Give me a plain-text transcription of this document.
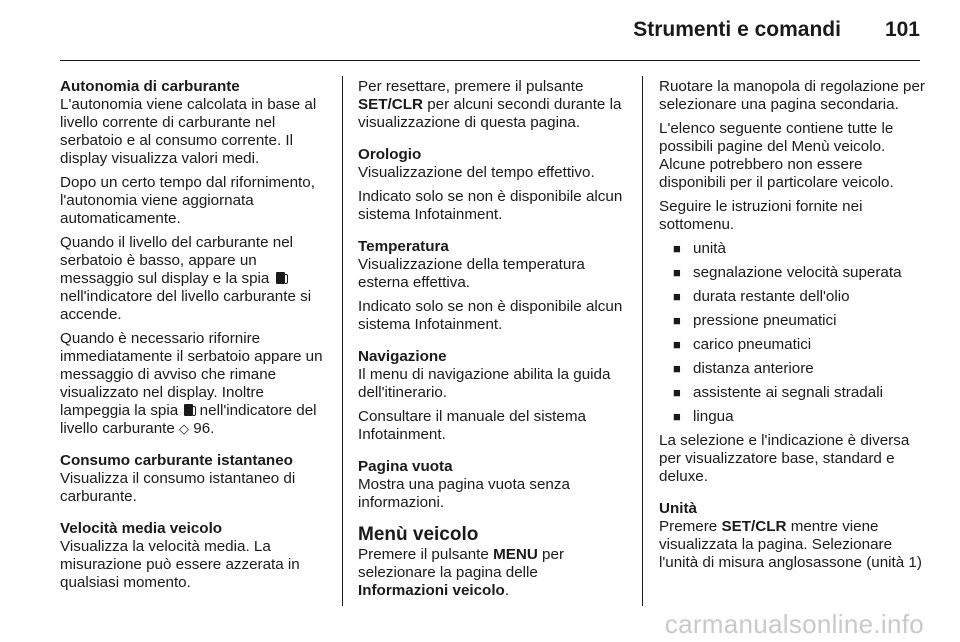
Strumenti e comandi 101
Autonomia di carburante

L'autonomia viene calcolata in base al livello corrente di carburante nel serbatoio e al consumo corrente. Il display visualizza valori medi.

Dopo un certo tempo dal rifornimento, l'autonomia viene aggiornata automaticamente.

Quando il livello del carburante nel serbatoio è basso, appare un messaggio sul display e la spia  nell'indicatore del livello carburante si accende.

Quando è necessario rifornire immediatamente il serbatoio appare un messaggio di avviso che rimane visualizzato nel display. Inoltre lampeggia la spia nell'indicatore del livello carburante ◇ 96.

Consumo carburante istantaneo

Visualizza il consumo istantaneo di carburante.

Velocità media veicolo

Visualizza la velocità media. La misurazione può essere azzerata in qualsiasi momento.

Per resettare, premere il pulsante SET/CLR per alcuni secondi durante la visualizzazione di questa pagina.

Orologio

Visualizzazione del tempo effettivo.

Indicato solo se non è disponibile alcun sistema Infotainment.

Temperatura

Visualizzazione della temperatura esterna effettiva.

Indicato solo se non è disponibile alcun sistema Infotainment.

Navigazione

Il menu di navigazione abilita la guida dell'itinerario.

Consultare il manuale del sistema Infotainment.

Pagina vuota

Mostra una pagina vuota senza informazioni.

Menù veicolo

Premere il pulsante MENU per selezionare la pagina delle Informazioni veicolo.

Ruotare la manopola di regolazione per selezionare una pagina secondaria.

L'elenco seguente contiene tutte le possibili pagine del Menù veicolo. Alcune potrebbero non essere disponibili per il particolare veicolo.

Seguire le istruzioni fornite nei sottomenu.

■ unità
■ segnalazione velocità superata
■ durata restante dell'olio
■ pressione pneumatici
■ carico pneumatici
■ distanza anteriore
■ assistente ai segnali stradali
■ lingua

La selezione e l'indicazione è diversa per visualizzatore base, standard e deluxe.

Unità

Premere SET/CLR mentre viene visualizzata la pagina. Selezionare l'unità di misura anglosassone (unità 1)

carmanualsonline.info
